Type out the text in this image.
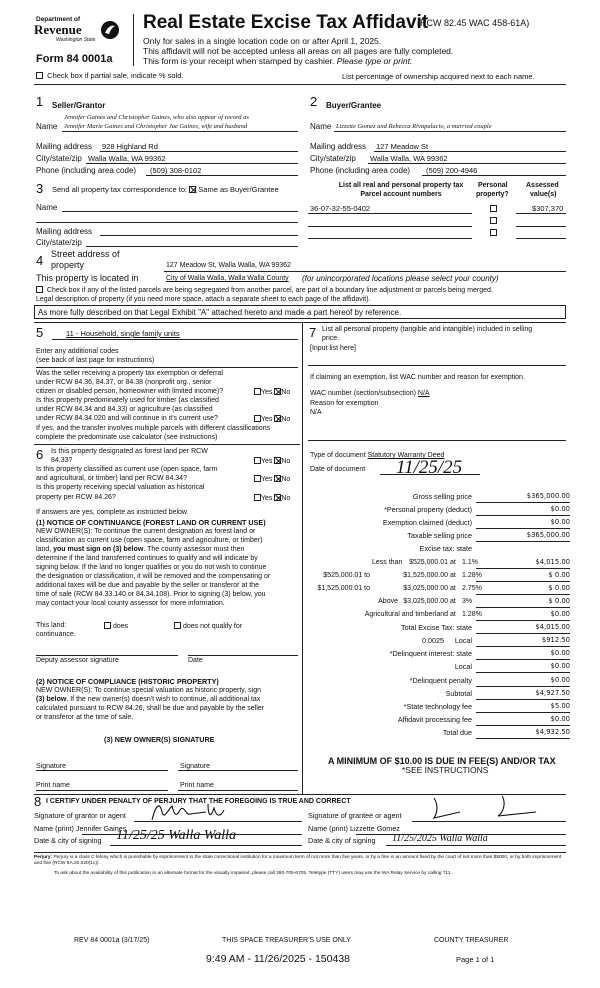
Department of
Revenue
Washington State
Form 84 0001a
Real Estate Excise Tax Affidavit
(RCW 82.45 WAC 458-61A)
Only for sales in a single location code on or after April 1, 2025.
This affidavit will not be accepted unless all areas on all pages are fully completed.
This form is your receipt when stamped by cashier. Please type or print.
Check box if partial sale, indicate % sold.	List percentage of ownership acquired next to each name.
1 Seller/Grantor
Jennifer Gaines and Christopher Gaines, who also appear of record as
Name Jennifer Marie Gaines and Christopher Jae Gaines, wife and husband
Mailing address 928 Highland Rd
City/state/zip Walla Walla, WA 99362
Phone (including area code) (509) 308-0102
2 Buyer/Grantee
Name Lizzette Gomez and Rebecca Rivapalacio, a married couple
Mailing address 127 Meadow St
City/state/zip Walla Walla, WA 99362
Phone (including area code) (509) 200-4946
3 Send all property tax correspondence to: Same as Buyer/Grantee
Name
Mailing address
City/state/zip
List all real and personal property tax
Parcel account numbers
Personal
property?
Assessed
value(s)
36-07-32-55-0402	$307,370
4 Street address of
property	127 Meadow St, Walla Walla, WA 99362
This property is located in	City of Walla Walla, Walla Walla County (for unincorporated locations please select your county)
Check box if any of the listed parcels are being segregated from another parcel, are part of a boundary line adjustment or parcels being merged.
Legal description of property (if you need more space, attach a separate sheet to each page of the affidavit).
As more fully described on that Legal Exhibit "A" attached hereto and made a part hereof by reference.
5	11 - Household, single family units
Enter any additional codes
(see back of last page for instructions)
Was the seller receiving a property tax exemption or deferral
under RCW 84.36, 84.37, or 84.38 (nonprofit org., senior
citizen or disabled person, homeowner with limited income)?	Yes No
Is this property predominately used for timber (as classified
under RCW 84.34 and 84.33) or agriculture (as classified
under RCW 84.34.020 and will continue in it's current use?	Yes No
If yes, and the transfer involves multiple parcels with different classifications
complete the predominate use calculator (see instructions)
6 Is this property designated as forest land per RCW
84.33?	Yes No
Is this property classified as current use (open space, farm
and agricultural, or timber) land per RCW 84.34?	Yes No
Is this property receiving special valuation as historical
property per RCW 84.26?	Yes No
If answers are yes, complete as instructed below.
(1) NOTICE OF CONTINUANCE (FOREST LAND OR CURRENT USE)
NEW OWNER(S): To continue the current designation as forest land or
classification as current use (open space, farm and agriculture, or timber)
land, you must sign on (3) below. The county assessor must then
determine if the land transferred continues to qualify and will indicate by
signing below. If the land no longer qualifies or you do not wish to continue
the designation or classification, it will be removed and the compensating or
additional taxes will be due and payable by the seller or transferor at the
time of sale (RCW 84.33.140 or 84.34.108). Prior to signing (3) below, you
may contact your local county assessor for more information.
This land:	does	does not qualify for
continuance.
Deputy assessor signature	Date
(2) NOTICE OF COMPLIANCE (HISTORIC PROPERTY)
NEW OWNER(S): To continue special valuation as historic property, sign
(3) below. If the new owner(s) doesn't wish to continue, all additional tax
calculated pursuant to RCW 84.26, shall be due and payable by the seller
or transferor at the time of sale.
(3) NEW OWNER(S) SIGNATURE
Signature	Signature
Print name	Print name
7 List all personal property (tangible and intangible) included in selling
price.
[Input list here]
If claiming an exemption, list WAC number and reason for exemption.
WAC number (section/subsection) N/A
Reason for exemption
N/A
Type of document Statutory Warranty Deed
Date of document 11/25/25
Gross selling price	$365,000.00
*Personal property (deduct)	$0.00
Exemption claimed (deduct)	$0.00
Taxable selling price	$365,000.00
Excise tax: state
Less than $525,000.01 at 1.1%	$4,015.00
$525,000.01 to	$1,525,000.00 at 1.28%	$ 0.00
$1,525,000.01 to	$3,025,000.00 at 2.75%	$ 0.00
Above $3,025,000.00 at 3%	$ 0.00
Agricultural and timberland at 1.28%	$0.00
Total Excise Tax: state	$4,015.00
0.0025 Local	$912.50
*Delinquent interest: state	$0.00
Local	$0.00
*Delinquent penalty	$0.00
Subtotal	$4,927.50
*State technology fee	$5.00
Affidavit processing fee	$0.00
Total due	$4,932.50
A MINIMUM OF $10.00 IS DUE IN FEE(S) AND/OR TAX
*SEE INSTRUCTIONS
8 I CERTIFY UNDER PENALTY OF PERJURY THAT THE FOREGOING IS TRUE AND CORRECT
Signature of grantor or agent
Name (print) Jennifer Gaines
Date & city of signing 11/25/25 Walla Walla
Signature of grantee or agent
Name (print) Lizzette Gomez
Date & city of signing 11/25/2025 Walla Walla
Perjury: Perjury is a class C felony which is punishable by imprisonment in the state correctional institution for a maximum term of not more than five years, or by a fine in an amount fixed by the court of not more than $5000, or by both imprisonment and fine (RCW 9A.20.020(1c)).
To ask about the availability of this publication in an alternate format for the visually impaired, please call 360-705-6705. Teletype (TTY) users may use the WA Relay Service by calling 711.
REV 84 0001a (3/17/25)	THIS SPACE TREASURER'S USE ONLY	COUNTY TREASURER
9:49 AM - 11/26/2025 - 150438	Page 1 of 1
